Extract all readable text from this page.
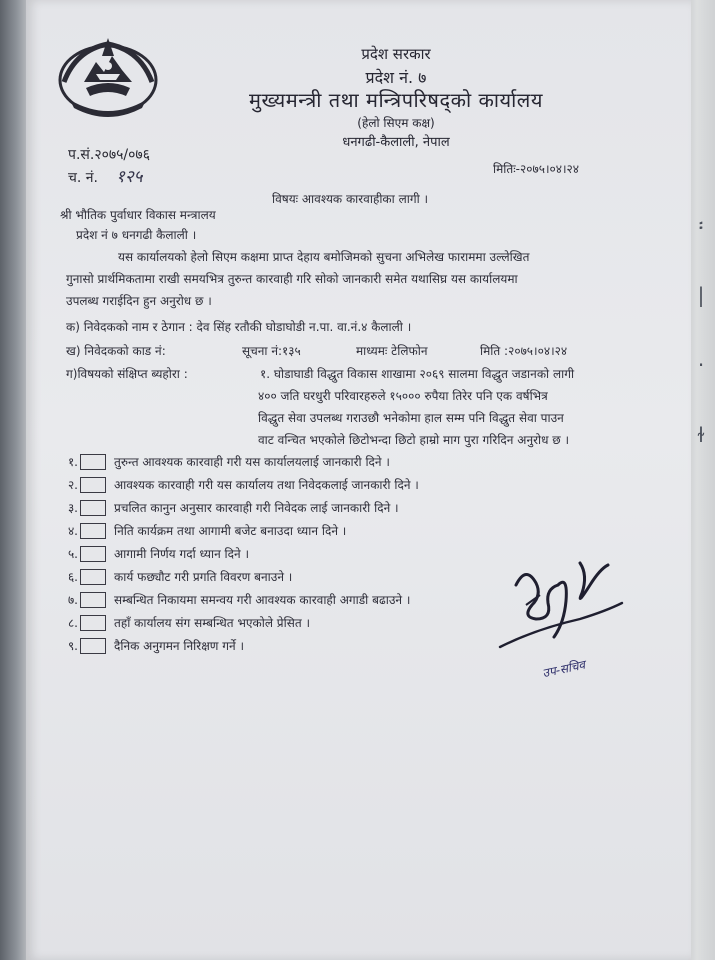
፡
|
·
ɫ
प्रदेश सरकार
प्रदेश नं. ७
मुख्यमन्त्री तथा मन्त्रिपरिषद्को कार्यालय
(हेलो सिएम कक्ष)
धनगढी-कैलाली, नेपाल
प.सं.२०७५/०७६
च. नं. १२५	मितिः-२०७५।०४।२४
विषयः आवश्यक कारवाहीका लागी ।
श्री भौतिक पुर्वाधार विकास मन्त्रालय
प्रदेश नं ७ धनगढी कैलाली ।
यस कार्यालयको हेलो सिएम कक्षमा प्राप्त देहाय बमोजिमको सुचना अभिलेख फाराममा उल्लेखित
गुनासो प्रार्थमिकतामा राखी समयभित्र तुरुन्त कारवाही गरि सोको जानकारी समेत यथासिघ्र यस कार्यालयमा
उपलब्ध गराईदिन हुन अनुरोध छ ।
क) निवेदकको नाम र ठेगान : देव सिंह रतौकी घोडाघोडी न.पा. वा.नं.४ कैलाली ।
ख) निवेदकको काड नं:	सूचना नं:१३५	माध्यमः टेलिफोन	मिति :२०७५।०४।२४
ग)विषयको संक्षिप्त ब्यहोरा :	१. घोडाघाडी विद्धुत विकास शाखामा २०६९ सालमा विद्धुत जडानको लागी
४०० जति घरधुरी परिवारहरुले १५००० रुपैया तिरेर पनि एक वर्षभित्र
विद्धुत सेवा उपलब्ध गराउछौ भनेकोमा हाल सम्म पनि विद्धुत सेवा पाउन
वाट वन्चित भएकोले छिटोभन्दा छिटो हाम्रो माग पुरा गरिदिन अनुरोध छ ।
१.	तुरुन्त आवश्यक कारवाही गरी यस कार्यालयलाई जानकारी दिने ।
२.	आवश्यक कारवाही गरी यस कार्यालय तथा निवेदकलाई जानकारी दिने ।
३.	प्रचलित कानुन अनुसार कारवाही गरी निवेदक लाई जानकारी दिने ।
४.	निति कार्यक्रम तथा आगामी बजेट बनाउदा ध्यान दिने ।
५.	आगामी निर्णय गर्दा ध्यान दिने ।
६.	कार्य फछ्यौट गरी प्रगति विवरण बनाउने ।
७.	सम्बन्धित निकायमा समन्वय गरी आवश्यक कारवाही अगाडी बढाउने ।
८.	तहाँ कार्यालय संग सम्बन्धित भएकोले प्रेसित ।
९.	दैनिक अनुगमन निरिक्षण गर्ने ।
उप-सचिव
